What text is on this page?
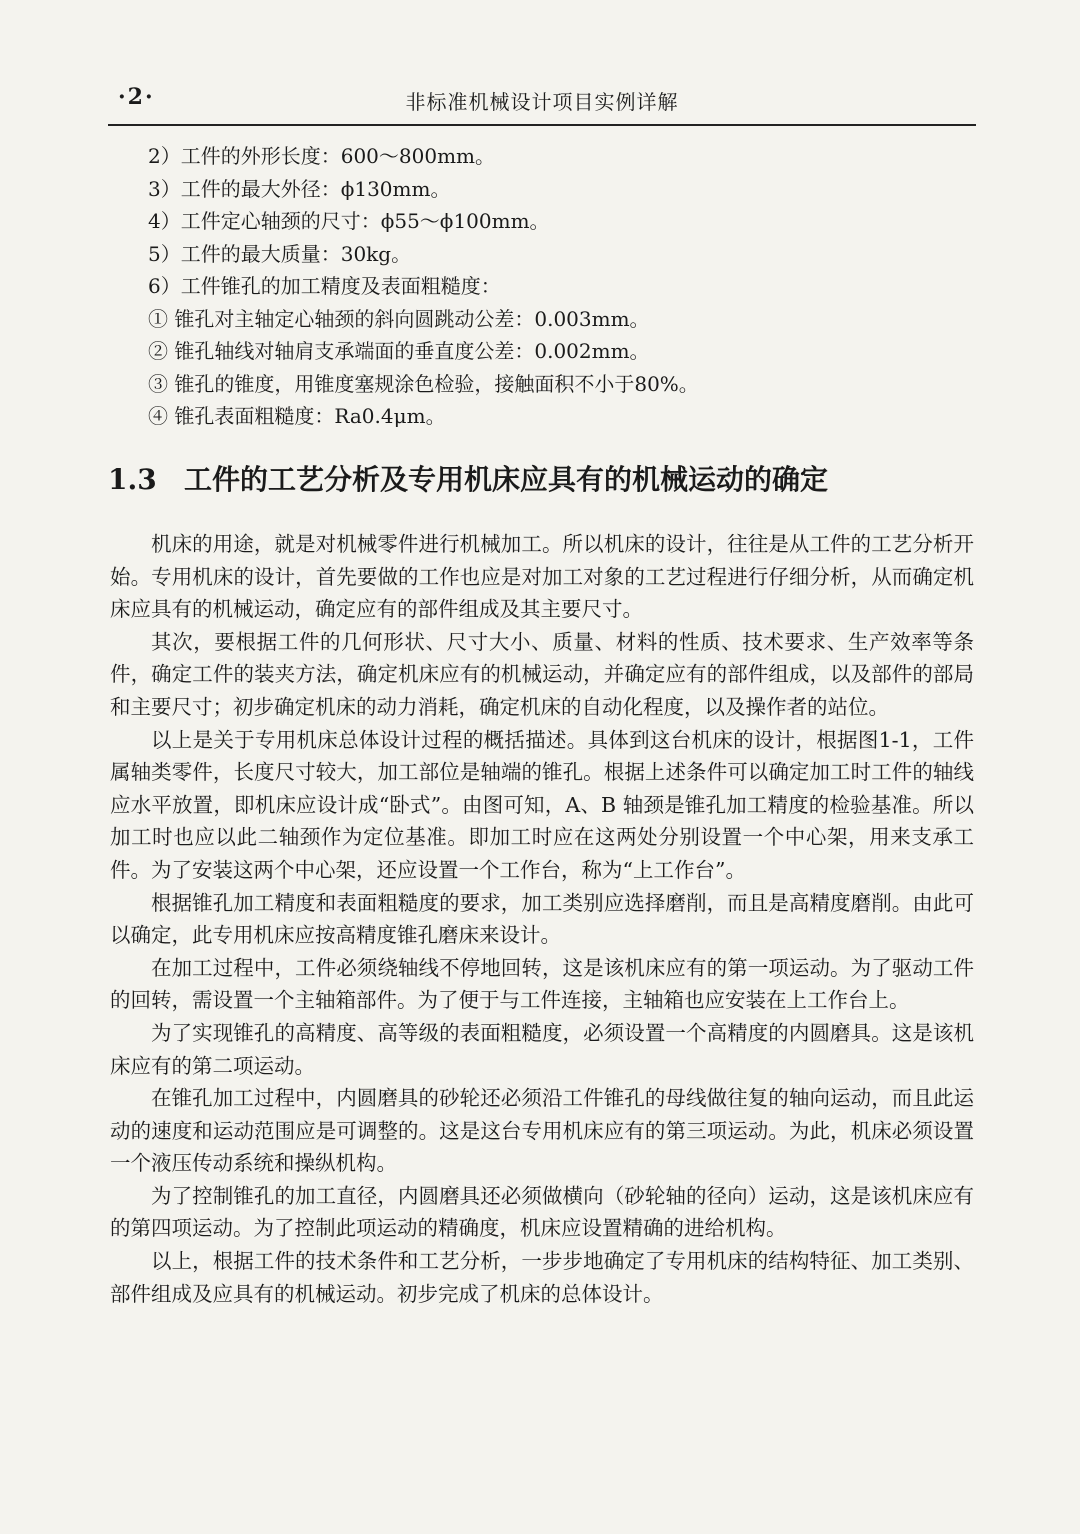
·2·	非标准机械设计项目实例详解
2）工件的外形长度：600～800mm。
3）工件的最大外径：ϕ130mm。
4）工件定心轴颈的尺寸：ϕ55～ϕ100mm。
5）工件的最大质量：30kg。
6）工件锥孔的加工精度及表面粗糙度：
① 锥孔对主轴定心轴颈的斜向圆跳动公差：0.003mm。
② 锥孔轴线对轴肩支承端面的垂直度公差：0.002mm。
③ 锥孔的锥度，用锥度塞规涂色检验，接触面积不小于80%。
④ 锥孔表面粗糙度：Ra0.4μm。
1.3 工件的工艺分析及专用机床应具有的机械运动的确定

机床的用途，就是对机械零件进行机械加工。所以机床的设计，往往是从工件的工艺分析开始。专用机床的设计，首先要做的工作也应是对加工对象的工艺过程进行仔细分析，从而确定机床应具有的机械运动，确定应有的部件组成及其主要尺寸。

其次，要根据工件的几何形状、尺寸大小、质量、材料的性质、技术要求、生产效率等条件，确定工件的装夹方法，确定机床应有的机械运动，并确定应有的部件组成，以及部件的部局和主要尺寸；初步确定机床的动力消耗，确定机床的自动化程度，以及操作者的站位。

以上是关于专用机床总体设计过程的概括描述。具体到这台机床的设计，根据图1-1，工件属轴类零件，长度尺寸较大，加工部位是轴端的锥孔。根据上述条件可以确定加工时工件的轴线应水平放置，即机床应设计成“卧式”。由图可知，A、B 轴颈是锥孔加工精度的检验基准。所以加工时也应以此二轴颈作为定位基准。即加工时应在这两处分别设置一个中心架，用来支承工件。为了安装这两个中心架，还应设置一个工作台，称为“上工作台”。

根据锥孔加工精度和表面粗糙度的要求，加工类别应选择磨削，而且是高精度磨削。由此可以确定，此专用机床应按高精度锥孔磨床来设计。

在加工过程中，工件必须绕轴线不停地回转，这是该机床应有的第一项运动。为了驱动工件的回转，需设置一个主轴箱部件。为了便于与工件连接，主轴箱也应安装在上工作台上。

为了实现锥孔的高精度、高等级的表面粗糙度，必须设置一个高精度的内圆磨具。这是该机床应有的第二项运动。

在锥孔加工过程中，内圆磨具的砂轮还必须沿工件锥孔的母线做往复的轴向运动，而且此运动的速度和运动范围应是可调整的。这是这台专用机床应有的第三项运动。为此，机床必须设置一个液压传动系统和操纵机构。

为了控制锥孔的加工直径，内圆磨具还必须做横向（砂轮轴的径向）运动，这是该机床应有的第四项运动。为了控制此项运动的精确度，机床应设置精确的进给机构。

以上，根据工件的技术条件和工艺分析，一步步地确定了专用机床的结构特征、加工类别、部件组成及应具有的机械运动。初步完成了机床的总体设计。
